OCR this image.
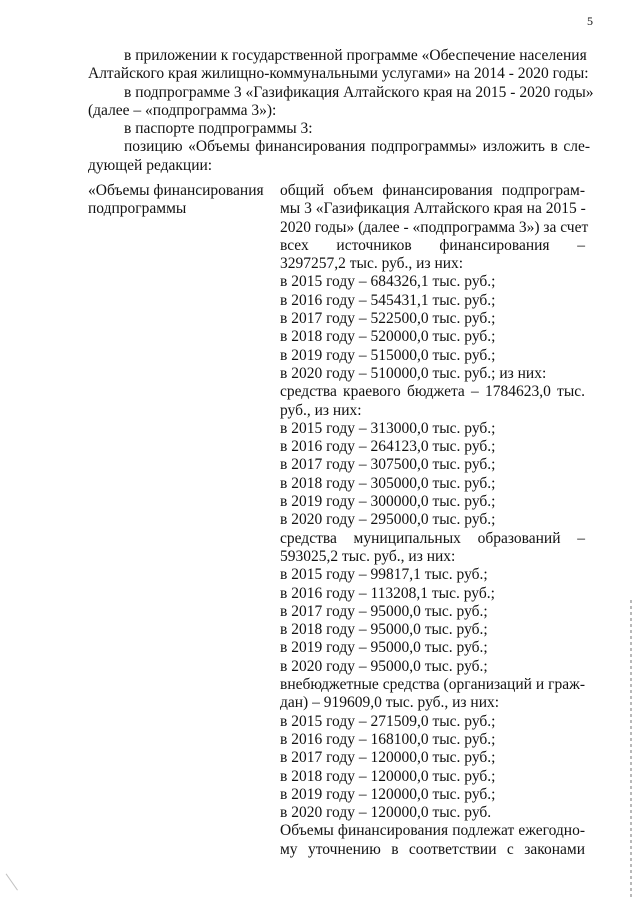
5
в приложении к государственной программе «Обеспечение населения
Алтайского края жилищно-коммунальными услугами» на 2014 - 2020 годы:
в подпрограмме 3 «Газификация Алтайского края на 2015 - 2020 годы»
(далее – «подпрограмма 3»):
в паспорте подпрограммы 3:
позицию «Объемы финансирования подпрограммы» изложить в сле-
дующей редакции:
«Объемы финансирования
подпрограммы
общий объем финансирования подпрограм-
мы 3 «Газификация Алтайского края на 2015 -
2020 годы» (далее - «подпрограмма 3») за счет
всех источников финансирования –
3297257,2 тыс. руб., из них:
в 2015 году – 684326,1 тыс. руб.;
в 2016 году – 545431,1 тыс. руб.;
в 2017 году – 522500,0 тыс. руб.;
в 2018 году – 520000,0 тыс. руб.;
в 2019 году – 515000,0 тыс. руб.;
в 2020 году – 510000,0 тыс. руб.; из них:
средства краевого бюджета – 1784623,0 тыс.
руб., из них:
в 2015 году – 313000,0 тыс. руб.;
в 2016 году – 264123,0 тыс. руб.;
в 2017 году – 307500,0 тыс. руб.;
в 2018 году – 305000,0 тыс. руб.;
в 2019 году – 300000,0 тыс. руб.;
в 2020 году – 295000,0 тыс. руб.;
средства муниципальных образований –
593025,2 тыс. руб., из них:
в 2015 году – 99817,1 тыс. руб.;
в 2016 году – 113208,1 тыс. руб.;
в 2017 году – 95000,0 тыс. руб.;
в 2018 году – 95000,0 тыс. руб.;
в 2019 году – 95000,0 тыс. руб.;
в 2020 году – 95000,0 тыс. руб.;
внебюджетные средства (организаций и граж-
дан) – 919609,0 тыс. руб., из них:
в 2015 году – 271509,0 тыс. руб.;
в 2016 году – 168100,0 тыс. руб.;
в 2017 году – 120000,0 тыс. руб.;
в 2018 году – 120000,0 тыс. руб.;
в 2019 году – 120000,0 тыс. руб.;
в 2020 году – 120000,0 тыс. руб.
Объемы финансирования подлежат ежегодно-
му уточнению в соответствии с законами
